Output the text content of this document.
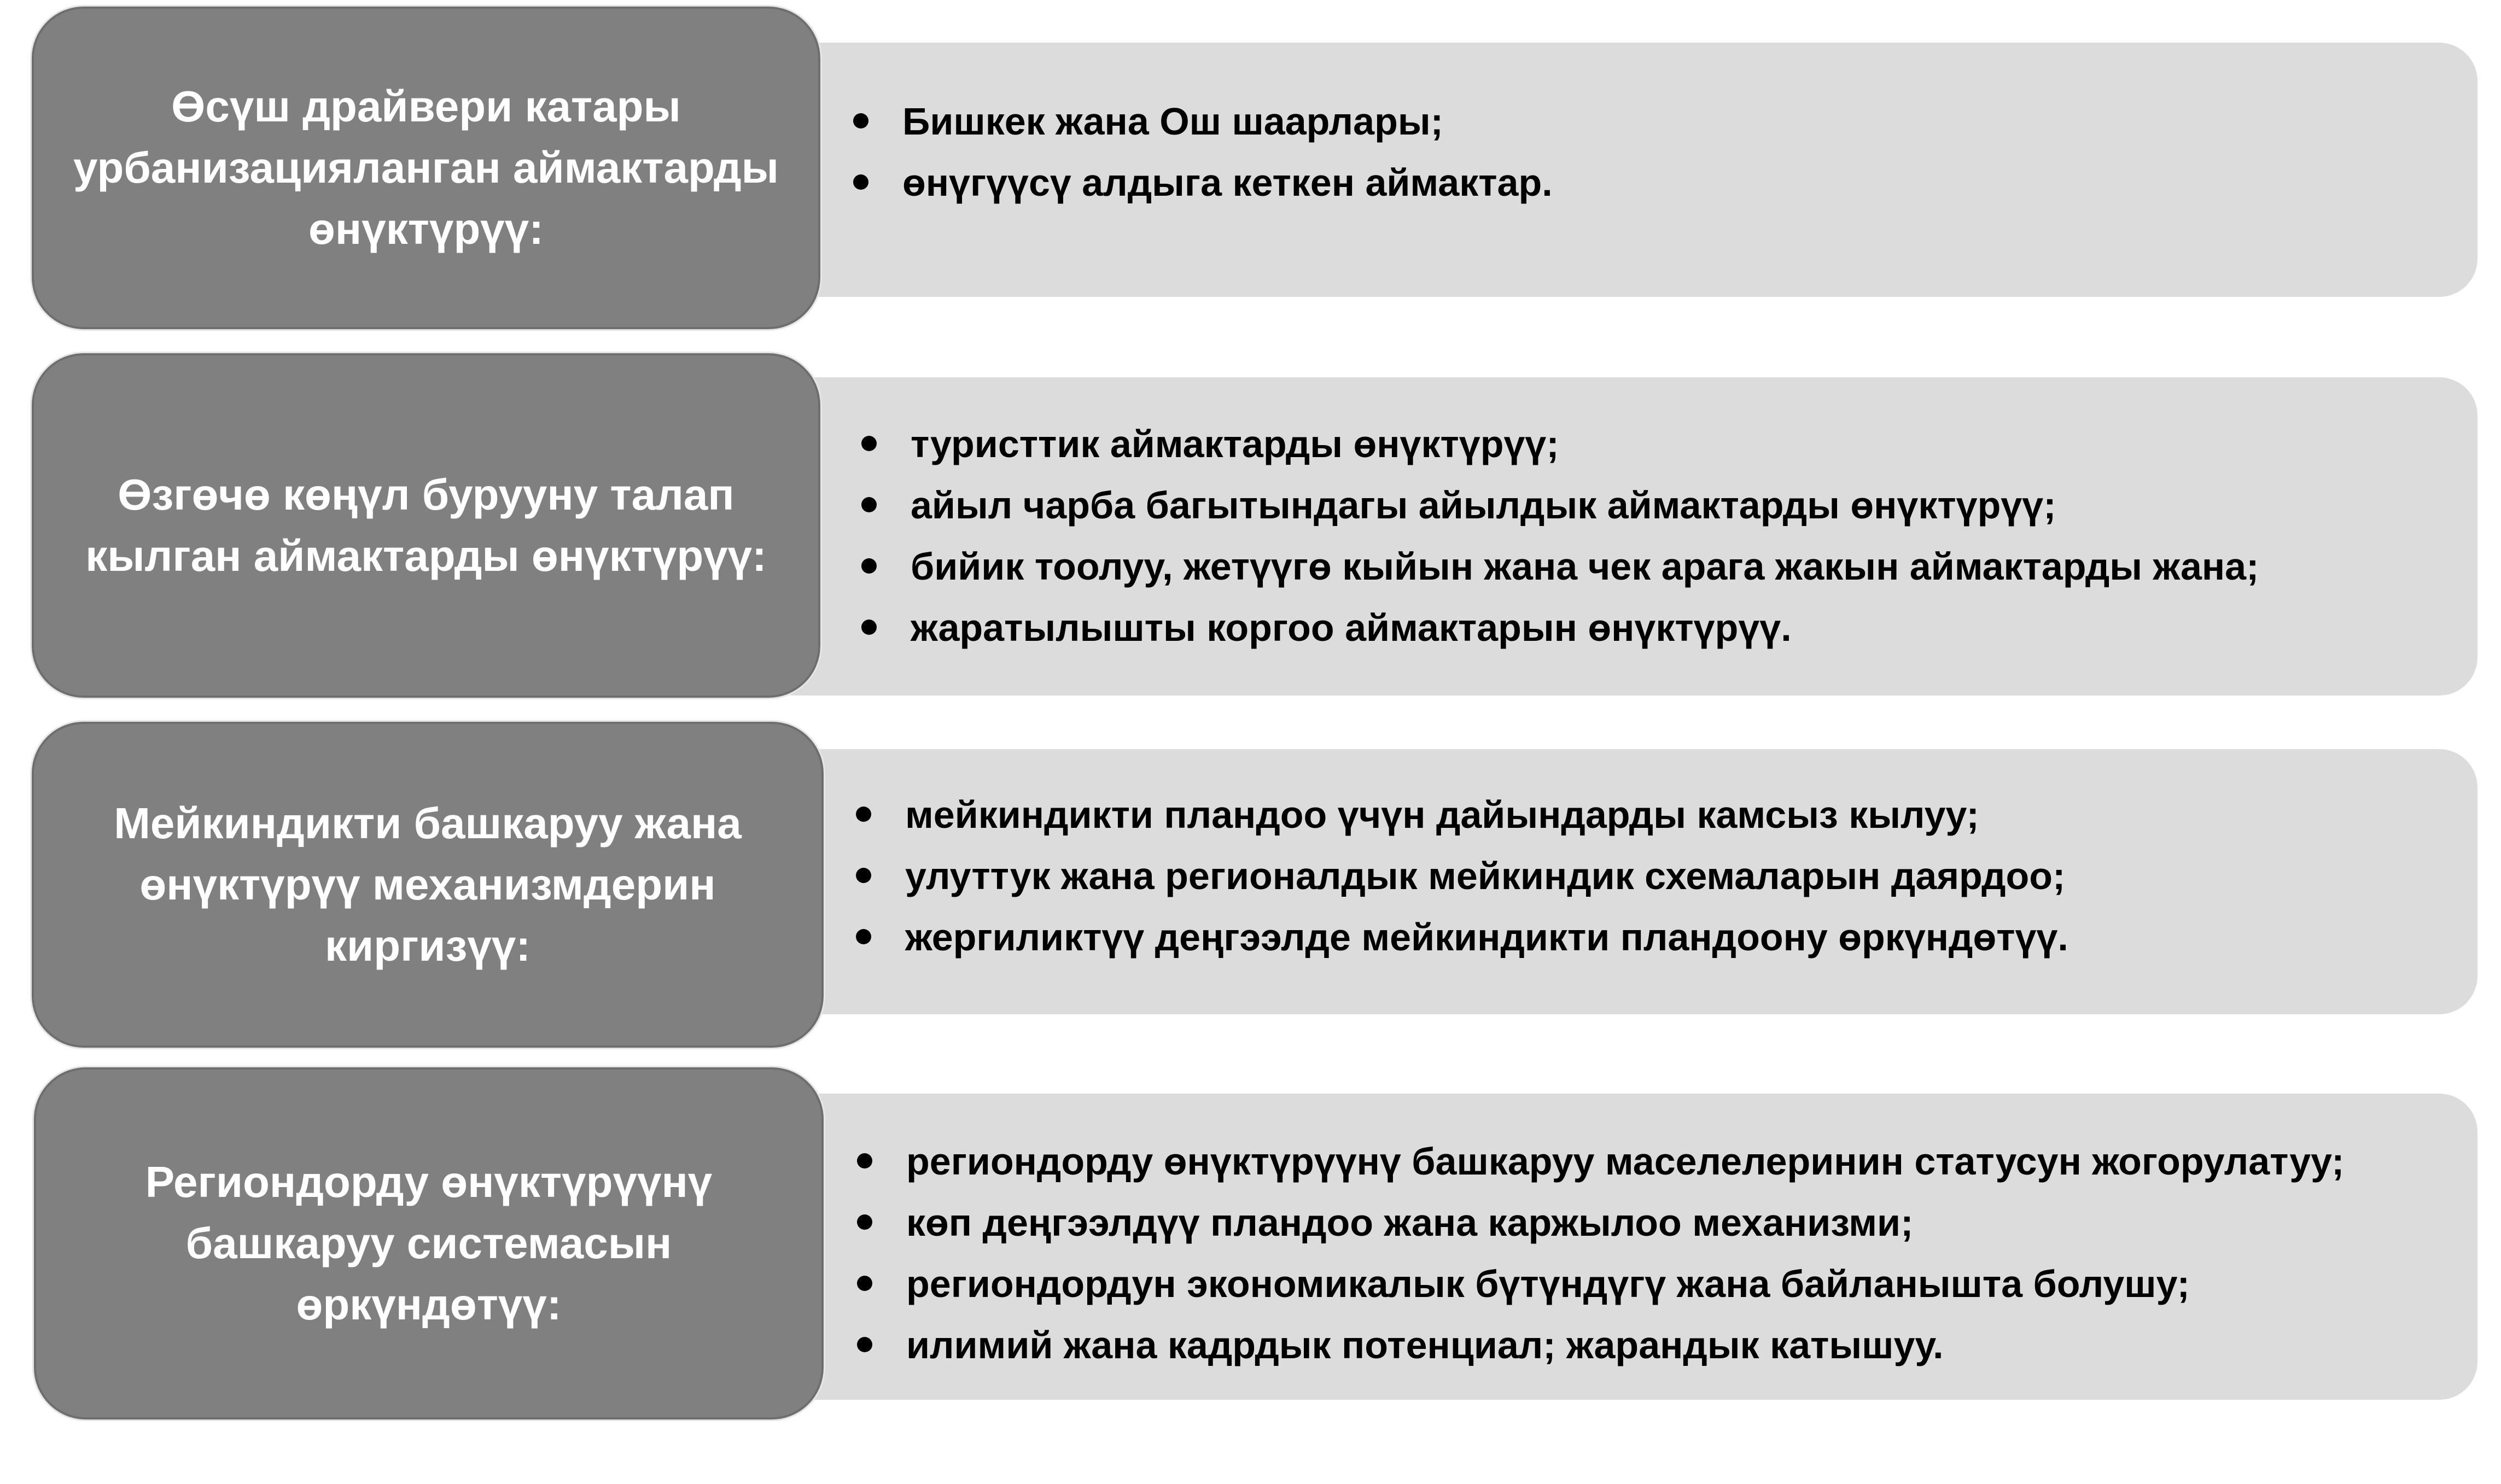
Өсүш драйвери катары урбанизацияланган аймактарды өнүктүрүү:
Бишкек жана Ош шаарлары;
өнүгүүсү алдыга кеткен аймактар.
Өзгөчө көңүл бурууну талап кылган аймактарды өнүктүрүү:
туристтик аймактарды өнүктүрүү;
айыл чарба багытындагы айылдык аймактарды өнүктүрүү;
бийик тоолуу, жетүүгө кыйын жана чек арага жакын аймактарды жана;
жаратылышты коргоо аймактарын өнүктүрүү.
Мейкиндикти башкаруу жана өнүктүрүү механизмдерин киргизүү:
мейкиндикти пландоо үчүн дайындарды камсыз кылуу;
улуттук жана регионалдык мейкиндик схемаларын даярдоо;
жергиликтүү деңгээлде мейкиндикти пландоону өркүндөтүү.
Региондорду өнүктүрүүнү башкаруу системасын өркүндөтүү:
региондорду өнүктүрүүнү башкаруу маселелеринин статусун жогорулатуу;
көп деңгээлдүү пландоо жана каржылоо механизми;
региондордун экономикалык бүтүндүгү жана байланышта болушу;
илимий жана кадрдык потенциал; жарандык катышуу.
